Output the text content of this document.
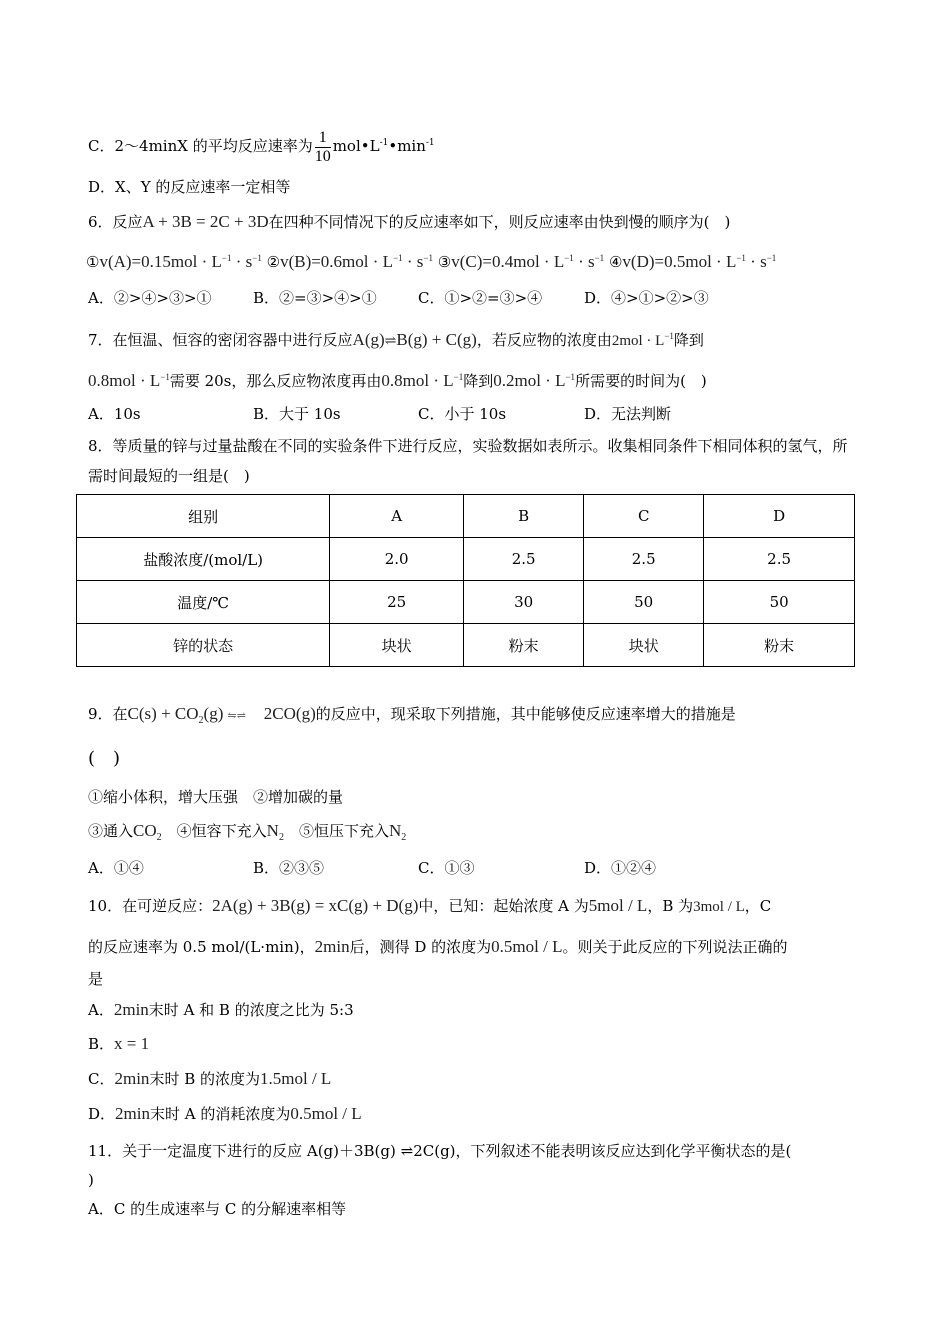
C．2～4minX 的平均反应速率为 $\frac{1}{10}$ $mol•L^{-1}•\min^{-1}$
D．X、Y 的反应速率一定相等
6．反应A + 3B = 2C + 3D在四种不同情况下的反应速率如下，则反应速率由快到慢的顺序为(　)
①v(A)=0.15mol · $L^{-1} \cdot s^{-1}$ ②v(B)=0.6mol · $L^{-1} \cdot s^{-1}$ ③v(C)=0.4mol · $L^{-1} \cdot s^{-1}$ ④v(D)=0.5mol · $L^{-1} \cdot s^{-1}$
A．②>④>③>①	B．②=③>④>①	C．①>②=③>④	D．④>①>②>③
7．在恒温、恒容的密闭容器中进行反应A(g)⇌B(g) + C(g)，若反应物的浓度由$2mol \cdot L^{-1}$降到
$0.8mol \cdot L^{-1}$需要 20s，那么反应物浓度再由$0.8mol \cdot L^{-1}$降到$0.2mol \cdot L^{-1}$所需要的时间为(　)
A．10s	B．大于 10s	C．小于 10s	D．无法判断
8．等质量的锌与过量盐酸在不同的实验条件下进行反应，实验数据如表所示。收集相同条件下相同体积的氢气，所需时间最短的一组是(　)
组别	A	B	C	D
盐酸浓度/(mol/L)	2.0	2.5	2.5	2.5
温度/℃	25	30	50	50
锌的状态	块状	粉末	块状	粉末
9．在$C(s) + CO_2(g)$ ⇋⇌ 2CO(g)的反应中，现采取下列措施，其中能够使反应速率增大的措施是
(　)
①缩小体积，增大压强　②增加碳的量
③通入$CO_2$　④恒容下充入$N_2$　⑤恒压下充入$N_2$
A．①④	B．②③⑤	C．①③	D．①②④
10．在可逆反应：2A(g) + 3B(g) = xC(g) + D(g)中，已知：起始浓度 A 为5mol / L，B 为3mol / L，C
的反应速率为 0.5 mol/(L·min)，2min后，测得 D 的浓度为0.5mol / L。则关于此反应的下列说法正确的
是
A．2min末时 A 和 B 的浓度之比为 5:3
B．x = 1
C．2min末时 B 的浓度为1.5mol / L
D．2min末时 A 的消耗浓度为0.5mol / L
11．关于一定温度下进行的反应 A(g)＋3B(g) ⇌2C(g)，下列叙述不能表明该反应达到化学平衡状态的是(
)
A．C 的生成速率与 C 的分解速率相等
